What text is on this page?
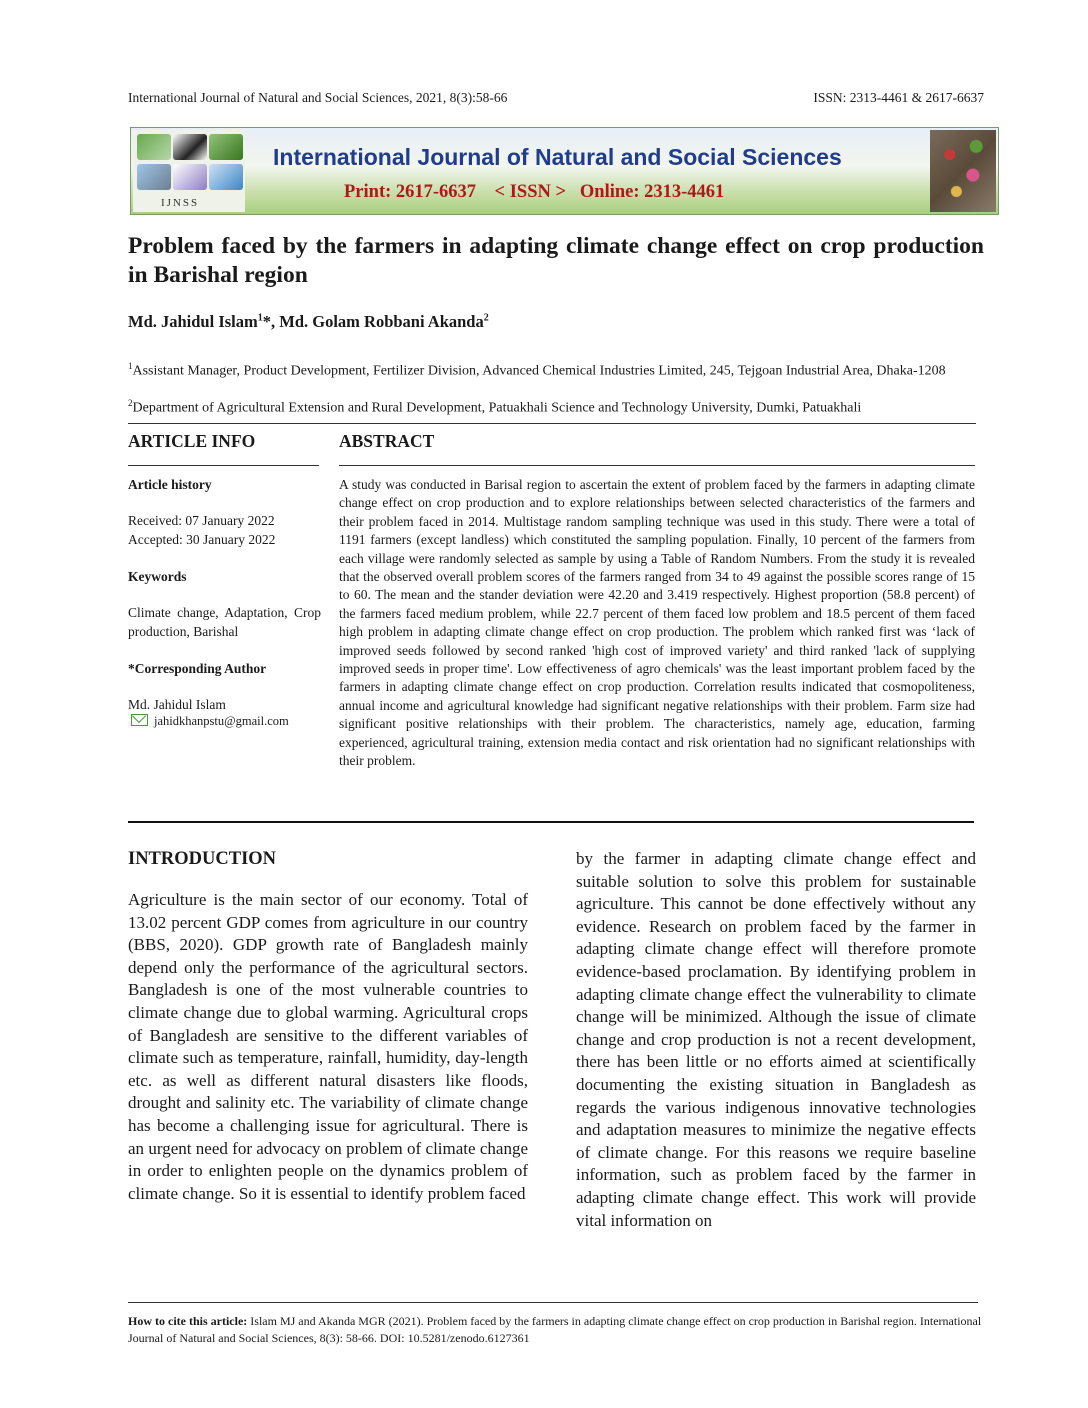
International Journal of Natural and Social Sciences, 2021, 8(3):58-66	ISSN: 2313-4461 & 2617-6637
IJNSS
International Journal of Natural and Social Sciences
Print: 2617-6637    < ISSN >   Online: 2313-4461
Problem faced by the farmers in adapting climate change effect on crop production in Barishal region
Md. Jahidul Islam$^1$*, Md. Golam Robbani Akanda$^2$
$^1$Assistant Manager, Product Development, Fertilizer Division, Advanced Chemical Industries Limited, 245, Tejgoan Industrial Area, Dhaka-1208
$^2$Department of Agricultural Extension and Rural Development, Patuakhali Science and Technology University, Dumki, Patuakhali
ARTICLE INFO	ABSTRACT
Article history
Received: 07 January 2022
Accepted: 30 January 2022
Keywords
Climate change, Adaptation, Crop production, Barishal
*Corresponding Author
Md. Jahidul Islam
jahidkhanpstu@gmail.com
A study was conducted in Barisal region to ascertain the extent of problem faced by the farmers in adapting climate change effect on crop production and to explore relationships between selected characteristics of the farmers and their problem faced in 2014. Multistage random sampling technique was used in this study. There were a total of 1191 farmers (except landless) which constituted the sampling population. Finally, 10 percent of the farmers from each village were randomly selected as sample by using a Table of Random Numbers. From the study it is revealed that the observed overall problem scores of the farmers ranged from 34 to 49 against the possible scores range of 15 to 60. The mean and the stander deviation were 42.20 and 3.419 respectively. Highest proportion (58.8 percent) of the farmers faced medium problem, while 22.7 percent of them faced low problem and 18.5 percent of them faced high problem in adapting climate change effect on crop production. The problem which ranked first was ‘lack of improved seeds followed by second ranked 'high cost of improved variety' and third ranked 'lack of supplying improved seeds in proper time'. Low effectiveness of agro chemicals' was the least important problem faced by the farmers in adapting climate change effect on crop production. Correlation results indicated that cosmopoliteness, annual income and agricultural knowledge had significant negative relationships with their problem. Farm size had significant positive relationships with their problem. The characteristics, namely age, education, farming experienced, agricultural training, extension media contact and risk orientation had no significant relationships with their problem.
INTRODUCTION
Agriculture is the main sector of our economy. Total of 13.02 percent GDP comes from agriculture in our country (BBS, 2020). GDP growth rate of Bangladesh mainly depend only the performance of the agricultural sectors. Bangladesh is one of the most vulnerable countries to climate change due to global warming. Agricultural crops of Bangladesh are sensitive to the different variables of climate such as temperature, rainfall, humidity, day-length etc. as well as different natural disasters like floods, drought and salinity etc. The variability of climate change has become a challenging issue for agricultural. There is an urgent need for advocacy on problem of climate change in order to enlighten people on the dynamics problem of climate change. So it is essential to identify problem faced
by the farmer in adapting climate change effect and suitable solution to solve this problem for sustainable agriculture. This cannot be done effectively without any evidence. Research on problem faced by the farmer in adapting climate change effect will therefore promote evidence-based proclamation. By identifying problem in adapting climate change effect the vulnerability to climate change will be minimized. Although the issue of climate change and crop production is not a recent development, there has been little or no efforts aimed at scientifically documenting the existing situation in Bangladesh as regards the various indigenous innovative technologies and adaptation measures to minimize the negative effects of climate change. For this reasons we require baseline information, such as problem faced by the farmer in adapting climate change effect. This work will provide vital information on
How to cite this article: Islam MJ and Akanda MGR (2021). Problem faced by the farmers in adapting climate change effect on crop production in Barishal region. International Journal of Natural and Social Sciences, 8(3): 58-66. DOI: 10.5281/zenodo.6127361
